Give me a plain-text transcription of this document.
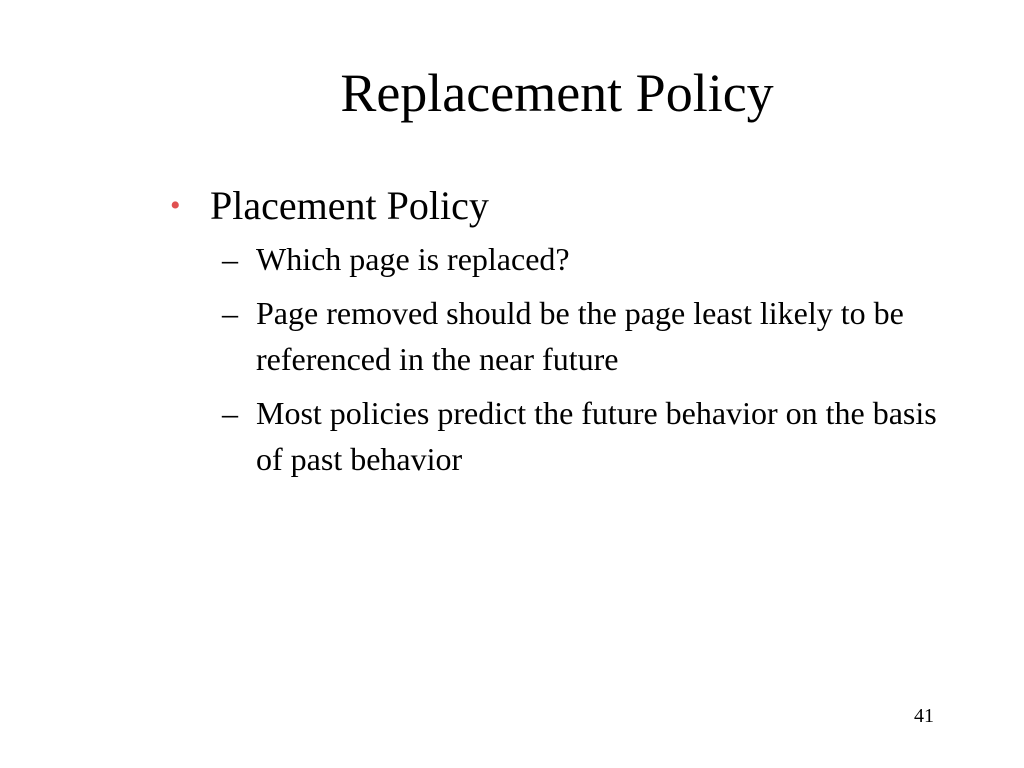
Replacement Policy
• Placement Policy
– Which page is replaced?
– Page removed should be the page least likely to be referenced in the near future
– Most policies predict the future behavior on the basis of past behavior
41
